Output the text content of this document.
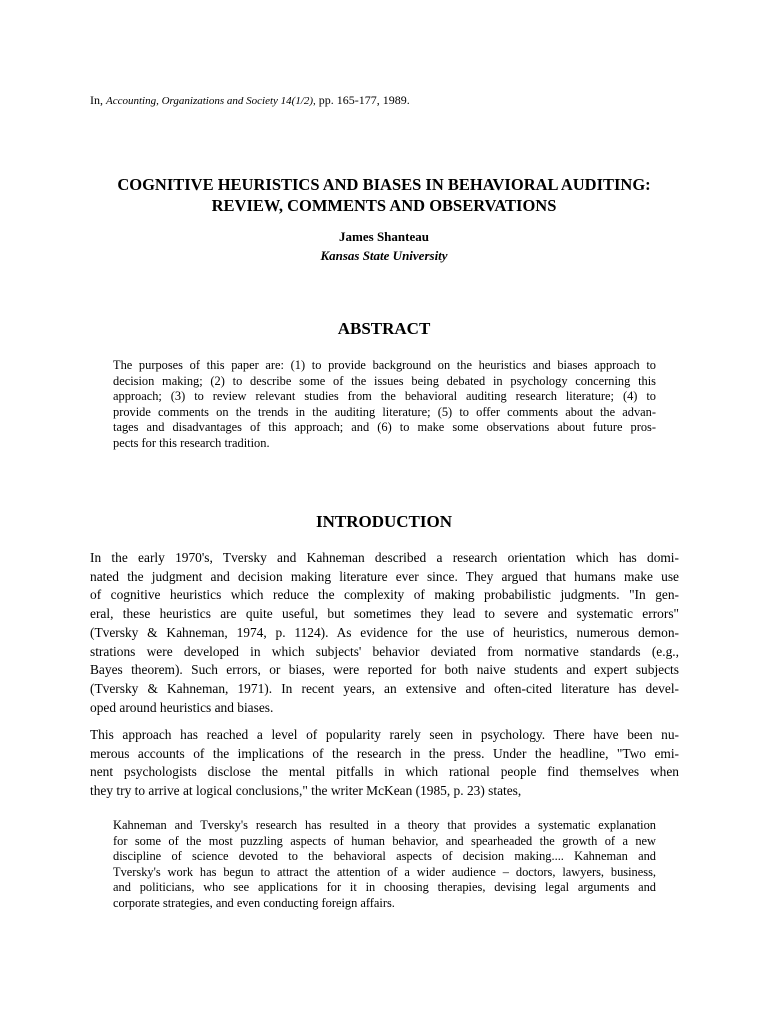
In, Accounting, Organizations and Society 14(1/2), pp. 165-177, 1989.
COGNITIVE HEURISTICS AND BIASES IN BEHAVIORAL AUDITING:
REVIEW, COMMENTS AND OBSERVATIONS
James Shanteau
Kansas State University
ABSTRACT
The purposes of this paper are: (1) to provide background on the heuristics and biases approach to
decision making; (2) to describe some of the issues being debated in psychology concerning this
approach; (3) to review relevant studies from the behavioral auditing research literature; (4) to
provide comments on the trends in the auditing literature; (5) to offer comments about the advan-
tages and disadvantages of this approach; and (6) to make some observations about future pros-
pects for this research tradition.
INTRODUCTION
In the early 1970's, Tversky and Kahneman described a research orientation which has domi-
nated the judgment and decision making literature ever since. They argued that humans make use
of cognitive heuristics which reduce the complexity of making probabilistic judgments. "In gen-
eral, these heuristics are quite useful, but sometimes they lead to severe and systematic errors"
(Tversky & Kahneman, 1974, p. 1124). As evidence for the use of heuristics, numerous demon-
strations were developed in which subjects' behavior deviated from normative standards (e.g.,
Bayes theorem). Such errors, or biases, were reported for both naive students and expert subjects
(Tversky & Kahneman, 1971). In recent years, an extensive and often-cited literature has devel-
oped around heuristics and biases.
This approach has reached a level of popularity rarely seen in psychology. There have been nu-
merous accounts of the implications of the research in the press. Under the headline, "Two emi-
nent psychologists disclose the mental pitfalls in which rational people find themselves when
they try to arrive at logical conclusions," the writer McKean (1985, p. 23) states,
Kahneman and Tversky's research has resulted in a theory that provides a systematic explanation
for some of the most puzzling aspects of human behavior, and spearheaded the growth of a new
discipline of science devoted to the behavioral aspects of decision making.... Kahneman and
Tversky's work has begun to attract the attention of a wider audience – doctors, lawyers, business,
and politicians, who see applications for it in choosing therapies, devising legal arguments and
corporate strategies, and even conducting foreign affairs.
